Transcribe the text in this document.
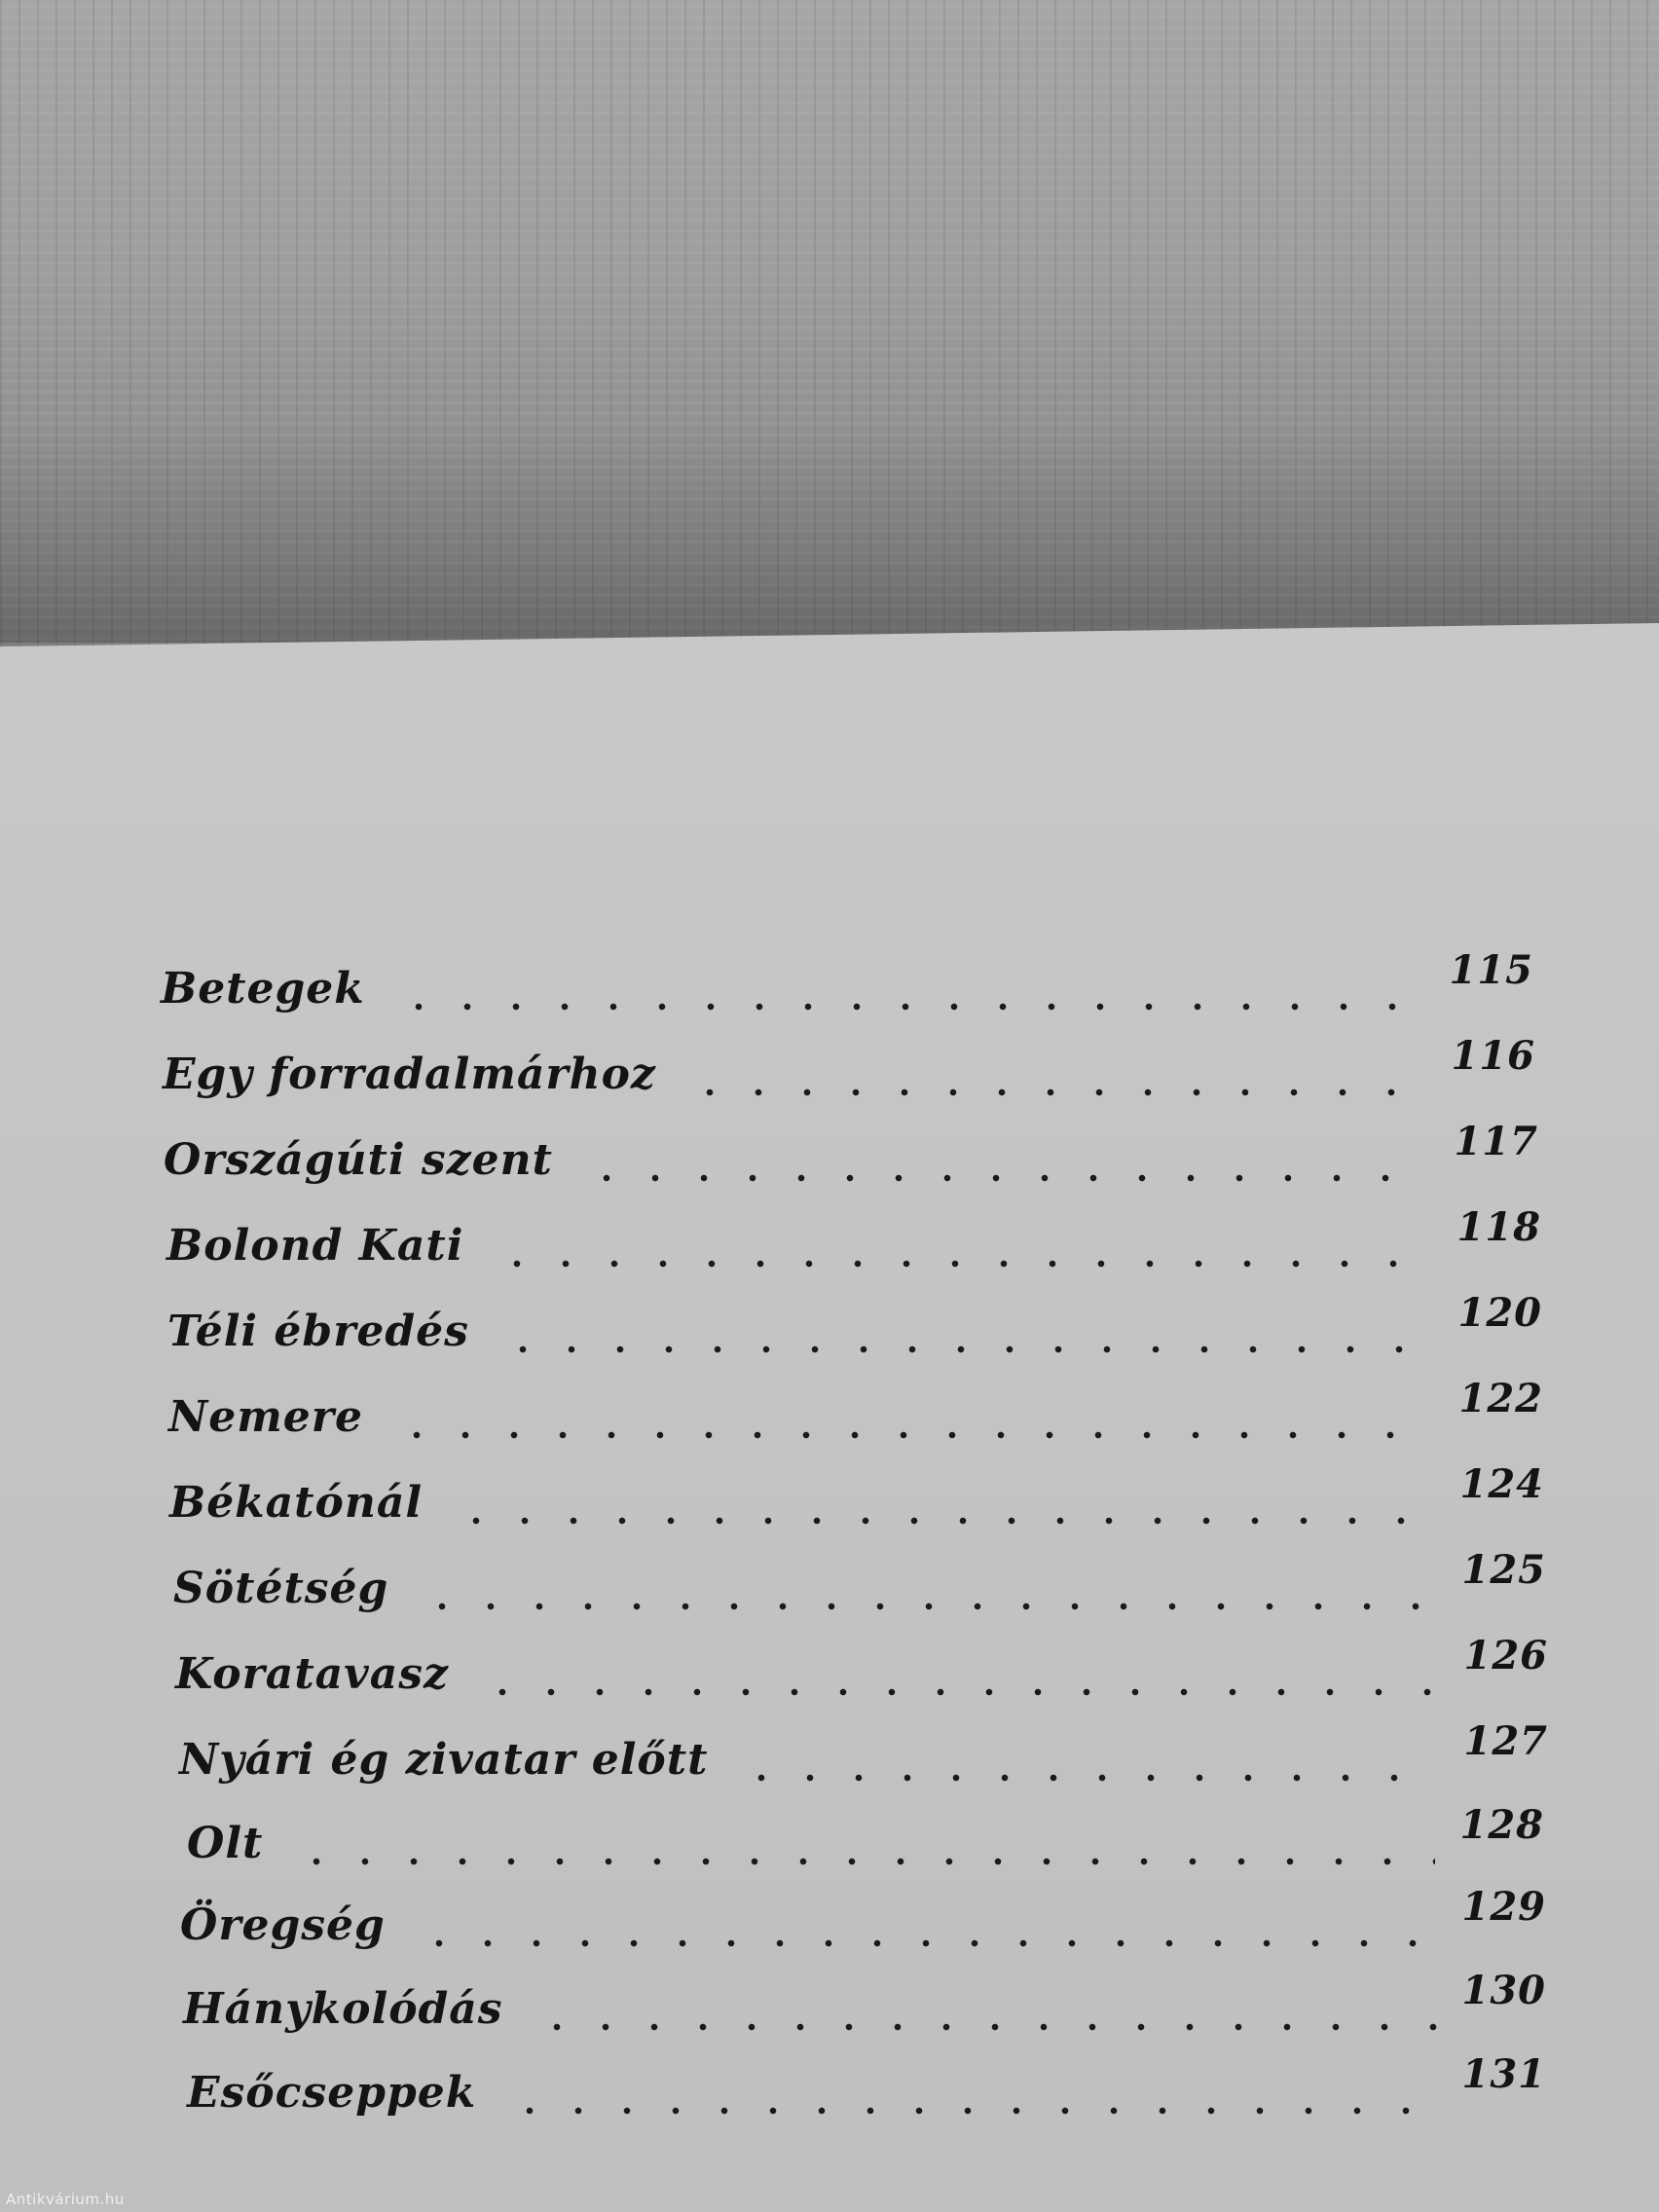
Betegek	115
Egy forradalmárhoz	116
Országúti szent	117
Bolond Kati	118
Téli ébredés	120
Nemere	122
Békatónál	124
Sötétség	125
Koratavasz	126
Nyári ég zivatar előtt	127
Olt	128
Öregség	129
Hánykolódás	130
Esőcseppek	131
Antikvárium.hu
